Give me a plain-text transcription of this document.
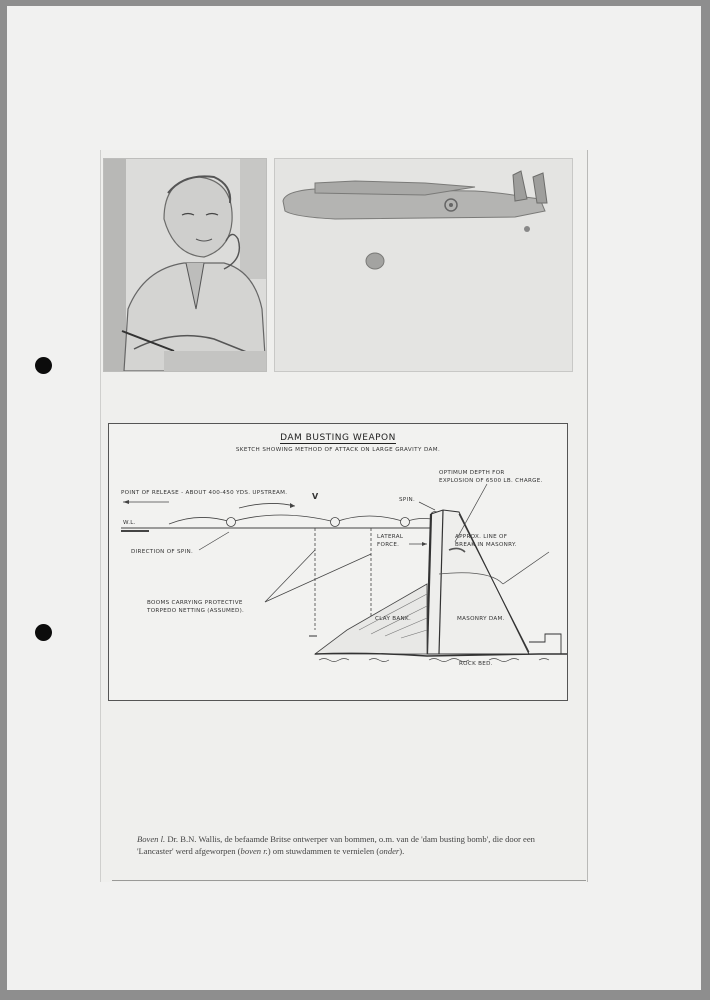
DAM BUSTING WEAPON
SKETCH SHOWING METHOD OF ATTACK ON LARGE GRAVITY DAM.
POINT OF RELEASE - ABOUT 400-450 YDS. UPSTREAM.	V
W.L.
SPIN.
OPTIMUM DEPTH FOR
EXPLOSION OF 6500 LB. CHARGE.
APPROX. LINE OF
BREAK IN MASONRY.
LATERAL
FORCE.
DIRECTION OF SPIN.
BOOMS CARRYING PROTECTIVE
TORPEDO NETTING (ASSUMED).
CLAY BANK.	MASONRY DAM.
ROCK BED.
Boven l. Dr. B.N. Wallis, de befaamde Britse ontwerper van bommen, o.m. van de 'dam busting bomb', die door een 'Lancaster' werd afgeworpen (boven r.) om stuwdammen te vernielen (onder).
